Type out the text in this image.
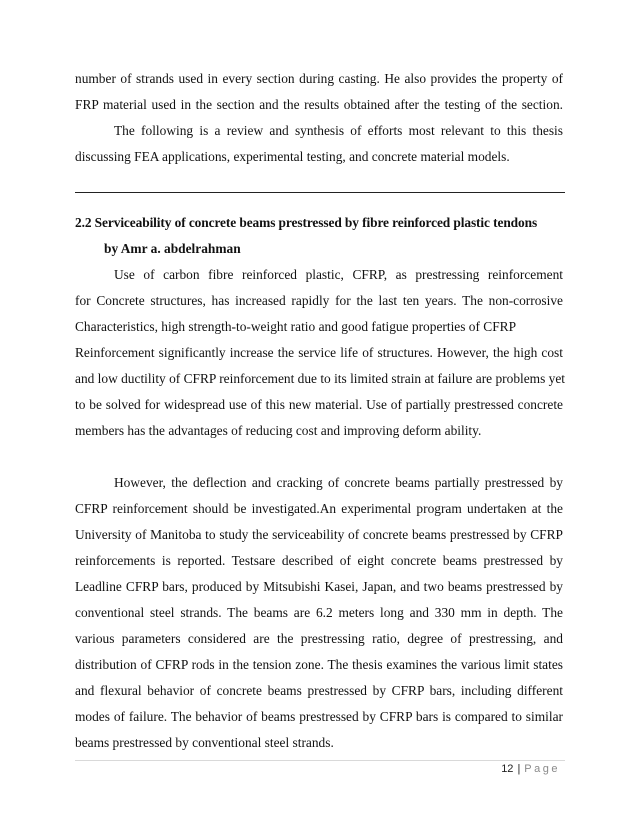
number of strands used in every section during casting. He also provides the property of
FRP material used in the section and the results obtained after the testing of the section.
The following is a review and synthesis of efforts most relevant to this thesis
discussing FEA applications, experimental testing, and concrete material models.
2.2 Serviceability of concrete beams prestressed by fibre reinforced plastic tendons
by Amr a. abdelrahman
Use of carbon fibre reinforced plastic, CFRP, as prestressing reinforcement
for Concrete structures, has increased rapidly for the last ten years. The non-corrosive
Characteristics, high strength-to-weight ratio and good fatigue properties of CFRP
Reinforcement significantly increase the service life of structures. However, the high cost
and low ductility of CFRP reinforcement due to its limited strain at failure are problems yet
to be solved for widespread use of this new material. Use of partially prestressed concrete
members has the advantages of reducing cost and improving deform ability.
However, the deflection and cracking of concrete beams partially prestressed by
CFRP reinforcement should be investigated.An experimental program undertaken at the
University of Manitoba to study the serviceability of concrete beams prestressed by CFRP
reinforcements is reported. Testsare described of eight concrete beams prestressed by
Leadline CFRP bars, produced by Mitsubishi Kasei, Japan, and two beams prestressed by
conventional steel strands. The beams are 6.2 meters long and 330 mm in depth. The
various parameters considered are the prestressing ratio, degree of prestressing, and
distribution of CFRP rods in the tension zone. The thesis examines the various limit states
and flexural behavior of concrete beams prestressed by CFRP bars, including different
modes of failure. The behavior of beams prestressed by CFRP bars is compared to similar
beams prestressed by conventional steel strands.
12 | Page
